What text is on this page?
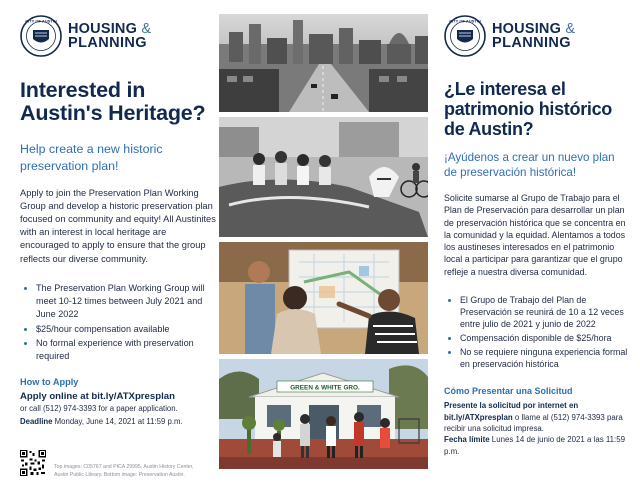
CITY OF AUSTIN HOUSING &
PLANNING
Interested in Austin's Heritage?
Help create a new historic preservation plan!
Apply to join the Preservation Plan Working Group and develop a historic preservation plan focused on community and equity! All Austinites with an interest in local heritage are encouraged to apply to ensure that the group reflects our diverse community.
• The Preservation Plan Working Group will meet 10-12 times between July 2021 and June 2022
• $25/hour compensation available
• No formal experience with preservation required
How to Apply
Apply online at bit.ly/ATXpresplan
or call (512) 974-3393 for a paper application.
Deadline Monday, June 14, 2021 at 11:59 p.m.
Top images: C05767 and PICA 29995, Austin History Center, Austin Public Library. Bottom image: Preservation Austin.
GREEN & WHITE GRO.
CITY OF AUSTIN HOUSING &
PLANNING
¿Le interesa el patrimonio histórico de Austin?
¡Ayúdenos a crear un nuevo plan de preservación histórica!
Solicite sumarse al Grupo de Trabajo para el Plan de Preservación para desarrollar un plan de preservación histórica que se concentra en la comunidad y la equidad. Alentamos a todos los austineses interesados en el patrimonio local a participar para garantizar que el grupo refleje a nuestra diversa comunidad.
• El Grupo de Trabajo del Plan de Preservación se reunirá de 10 a 12 veces entre julio de 2021 y junio de 2022
• Compensación disponible de $25/hora
• No se requiere ninguna experiencia formal en preservación histórica
Cómo Presentar una Solicitud
Presente la solicitud por internet en bit.ly/ATXpresplan o llame al (512) 974-3393 para recibir una solicitud impresa.
Fecha límite Lunes 14 de junio de 2021 a las 11:59 p.m.
